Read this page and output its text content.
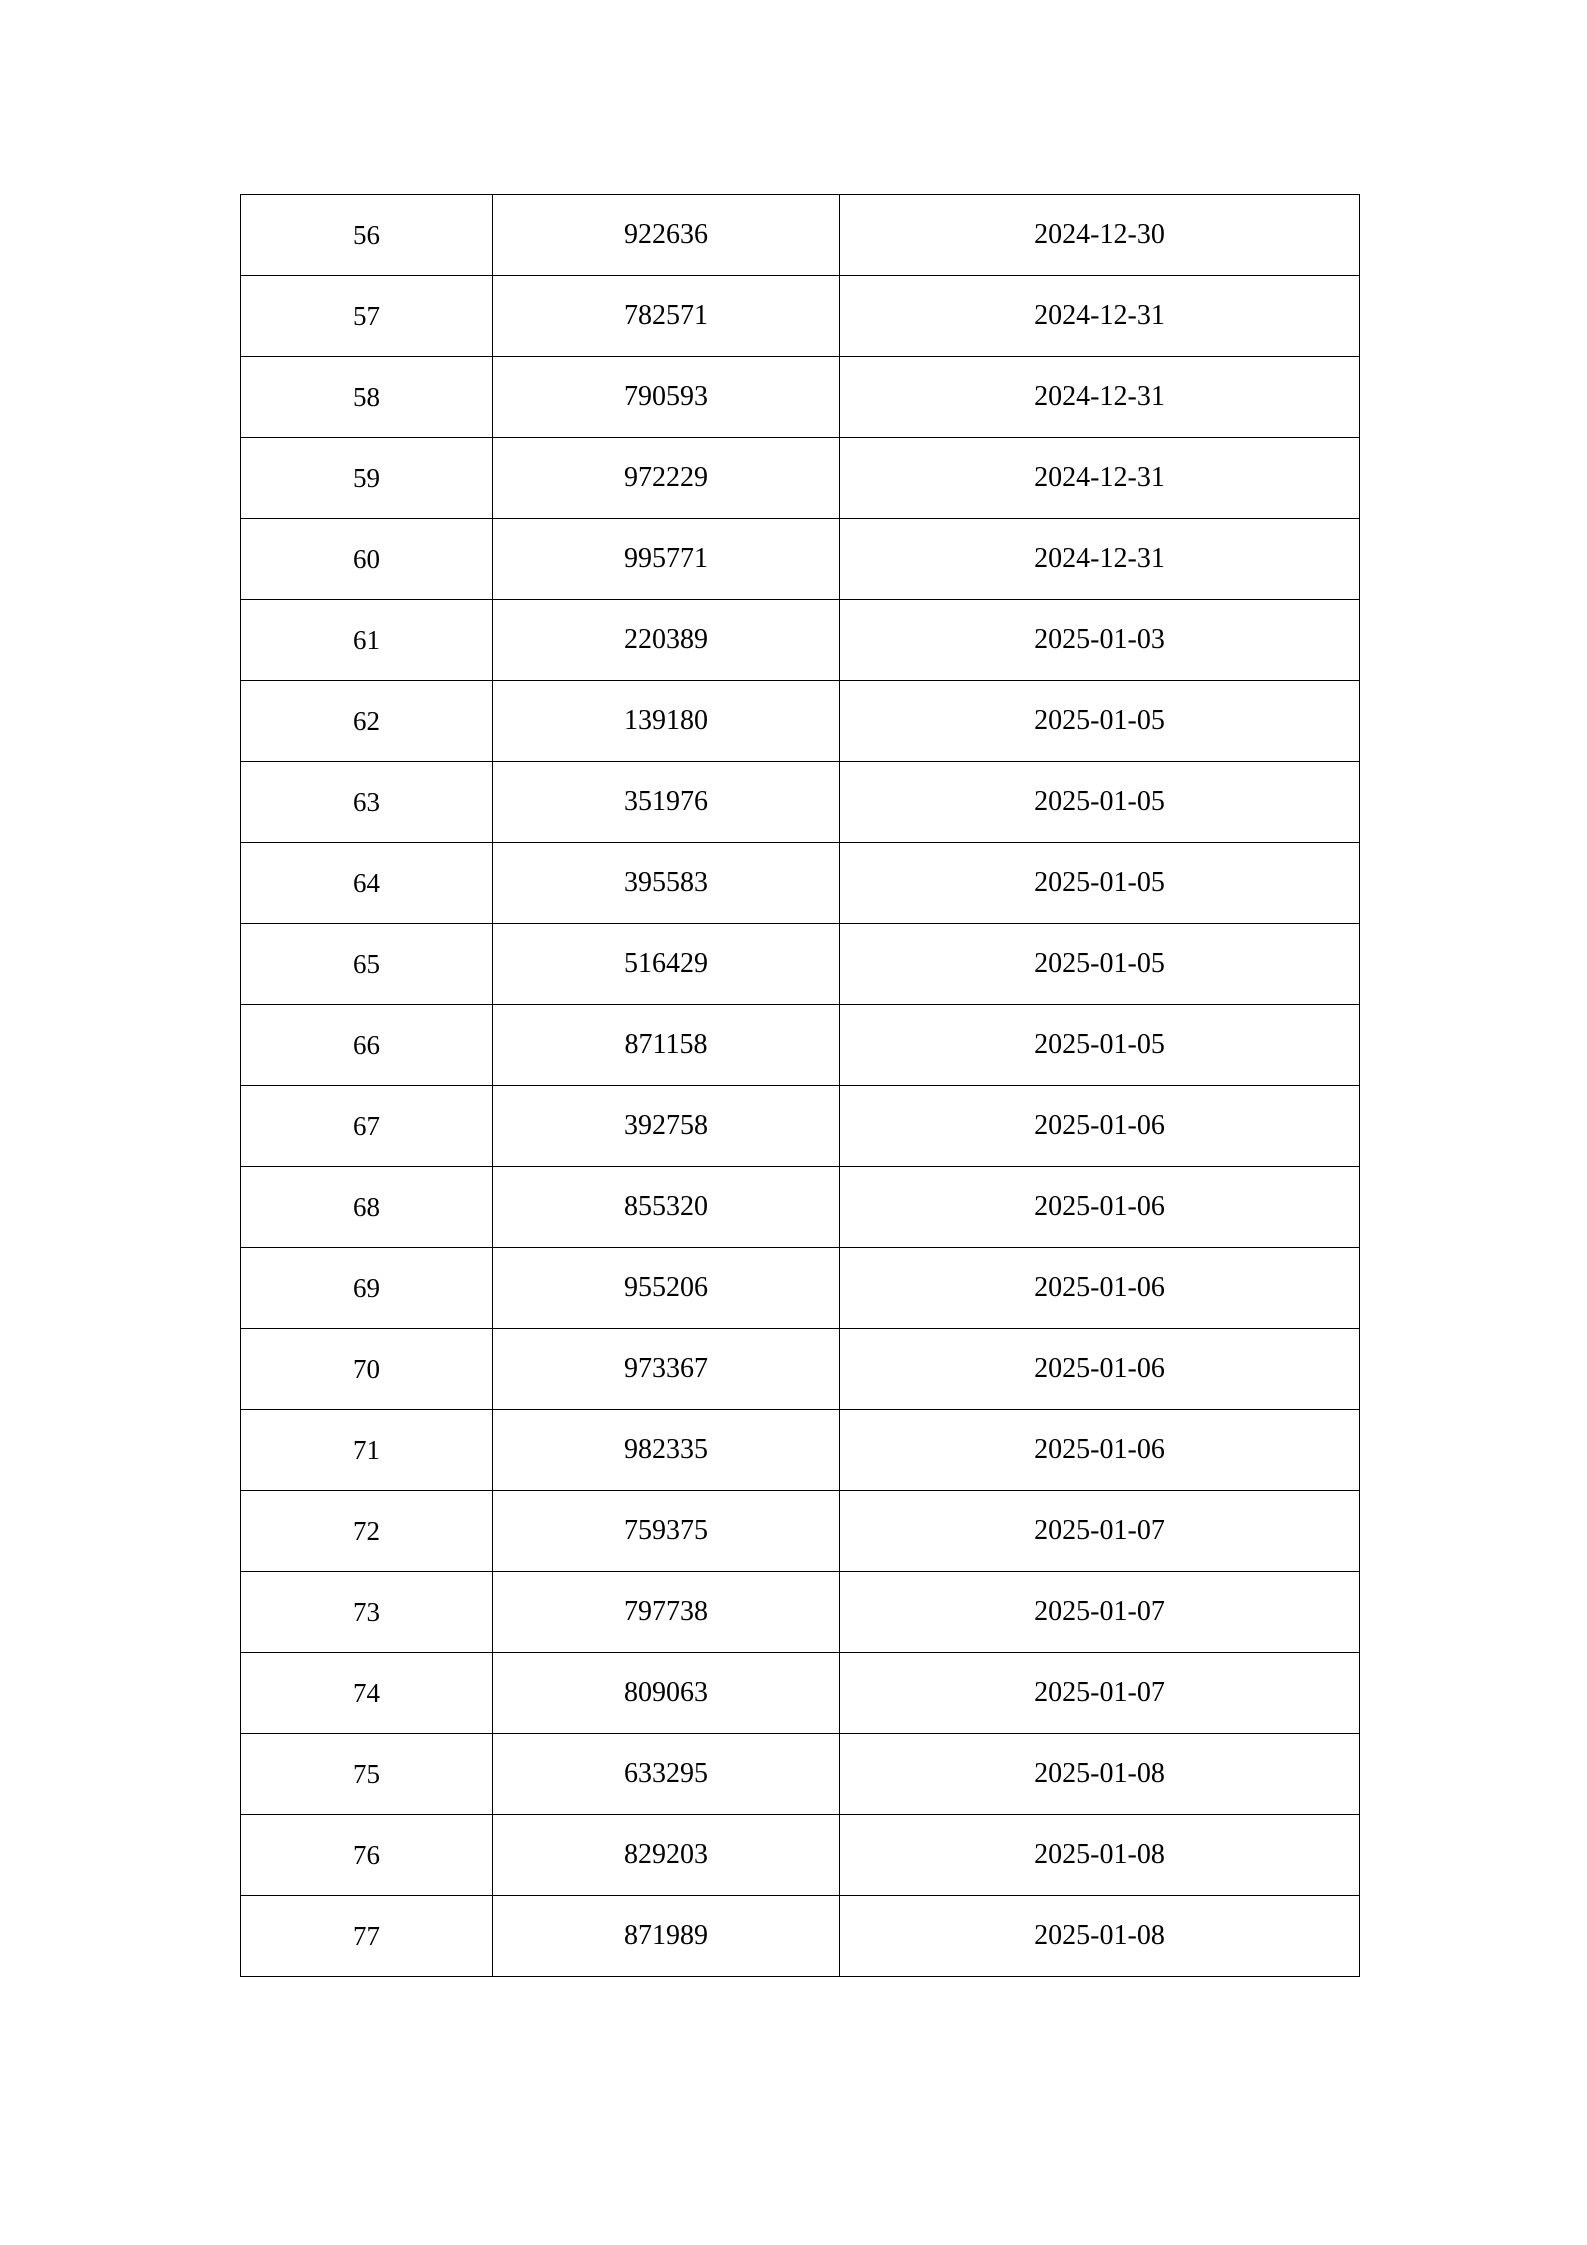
56	922636	2024-12-30
57	782571	2024-12-31
58	790593	2024-12-31
59	972229	2024-12-31
60	995771	2024-12-31
61	220389	2025-01-03
62	139180	2025-01-05
63	351976	2025-01-05
64	395583	2025-01-05
65	516429	2025-01-05
66	871158	2025-01-05
67	392758	2025-01-06
68	855320	2025-01-06
69	955206	2025-01-06
70	973367	2025-01-06
71	982335	2025-01-06
72	759375	2025-01-07
73	797738	2025-01-07
74	809063	2025-01-07
75	633295	2025-01-08
76	829203	2025-01-08
77	871989	2025-01-08
